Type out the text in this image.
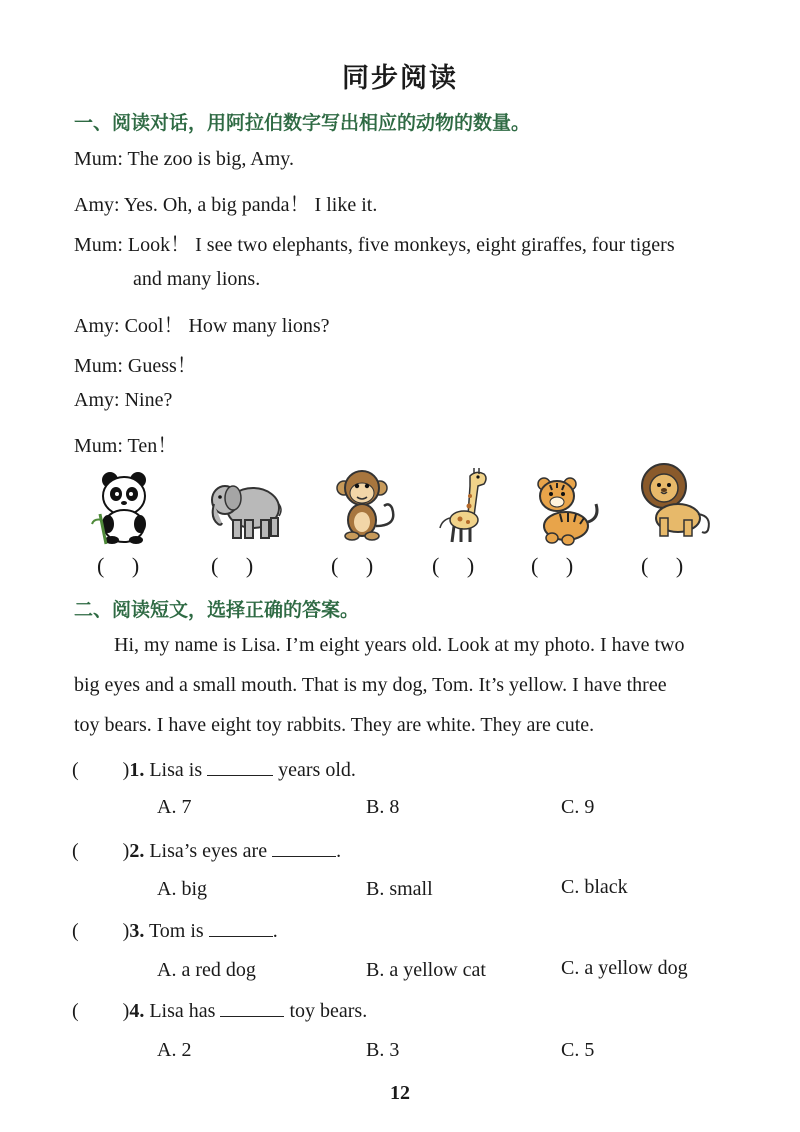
同步阅读
一、阅读对话，用阿拉伯数字写出相应的动物的数量。
Mum: The zoo is big, Amy.
Amy: Yes. Oh, a big panda！ I like it.
Mum: Look！ I see two elephants, five monkeys, eight giraffes, four tigers
and many lions.
Amy: Cool！ How many lions?
Mum: Guess！
Amy: Nine?
Mum: Ten！
(　 )	(　 )	(　 )	(　 )	(　 )	(　 )
二、阅读短文，选择正确的答案。
Hi, my name is Lisa. I’m eight years old. Look at my photo. I have two
big eyes and a small mouth. That is my dog, Tom. It’s yellow. I have three
toy bears. I have eight toy rabbits. They are white. They are cute.
( )1. Lisa is	years old.
A. 7	B. 8	C. 9
( )2. Lisa’s eyes are	.
A. big	B. small	C. black
( )3. Tom is	.
A. a red dog	B. a yellow cat	C. a yellow dog
( )4. Lisa has	toy bears.
A. 2	B. 3	C. 5
12
